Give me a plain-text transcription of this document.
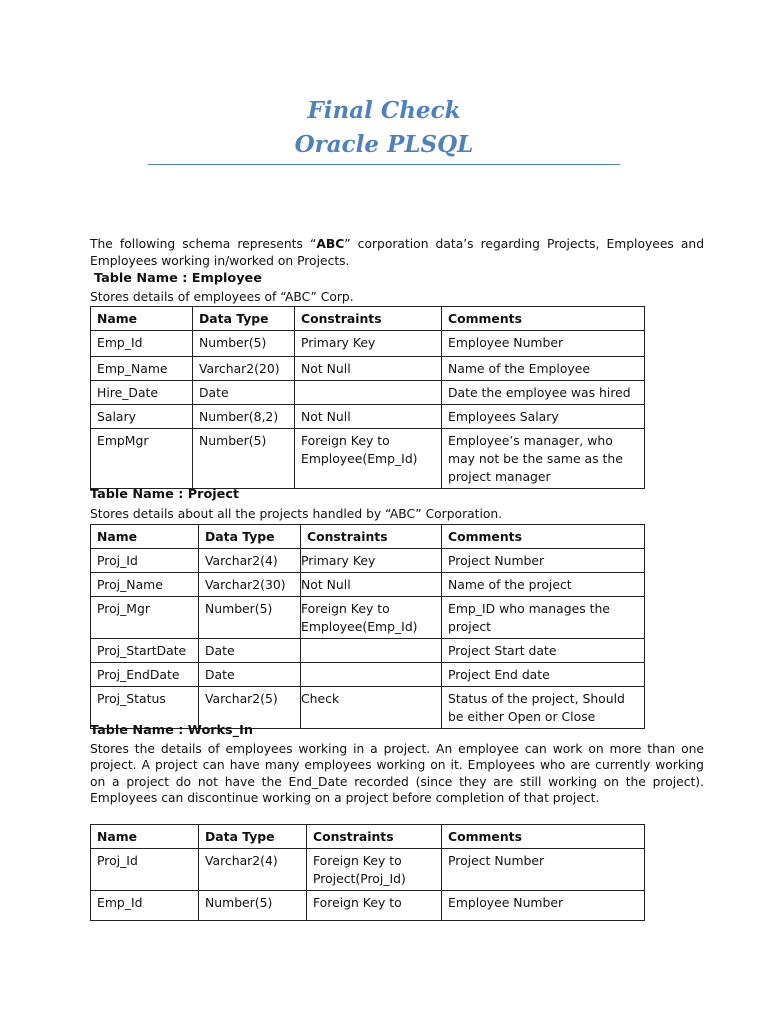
Final Check
Oracle PLSQL
The following schema represents “ABC” corporation data’s regarding Projects, Employees and Employees working in/worked on Projects.
Table Name : Employee
Stores details of employees of “ABC” Corp.
Name	Data Type	Constraints	Comments
Emp_Id	Number(5)	Primary Key	Employee Number
Emp_Name	Varchar2(20)	Not Null	Name of the Employee
Hire_Date	Date		Date the employee was hired
Salary	Number(8,2)	Not Null	Employees Salary
EmpMgr	Number(5)	Foreign Key to Employee(Emp_Id)	Employee’s manager, who may not be the same as the project manager
Table Name : Project
Stores details about all the projects handled by “ABC” Corporation.
Name	Data Type	Constraints	Comments
Proj_Id	Varchar2(4)	Primary Key	Project Number
Proj_Name	Varchar2(30)	Not Null	Name of the project
Proj_Mgr	Number(5)	Foreign Key to Employee(Emp_Id)	Emp_ID who manages the project
Proj_StartDate	Date		Project Start date
Proj_EndDate	Date		Project End date
Proj_Status	Varchar2(5)	Check	Status of the project, Should be either Open or Close
Table Name : Works_In
Stores the details of employees working in a project. An employee can work on more than one project. A project can have many employees working on it. Employees who are currently working on a project do not have the End_Date recorded (since they are still working on the project). Employees can discontinue working on a project before completion of that project.
Name	Data Type	Constraints	Comments
Proj_Id	Varchar2(4)	Foreign Key to Project(Proj_Id)	Project Number
Emp_Id	Number(5)	Foreign Key to	Employee Number
